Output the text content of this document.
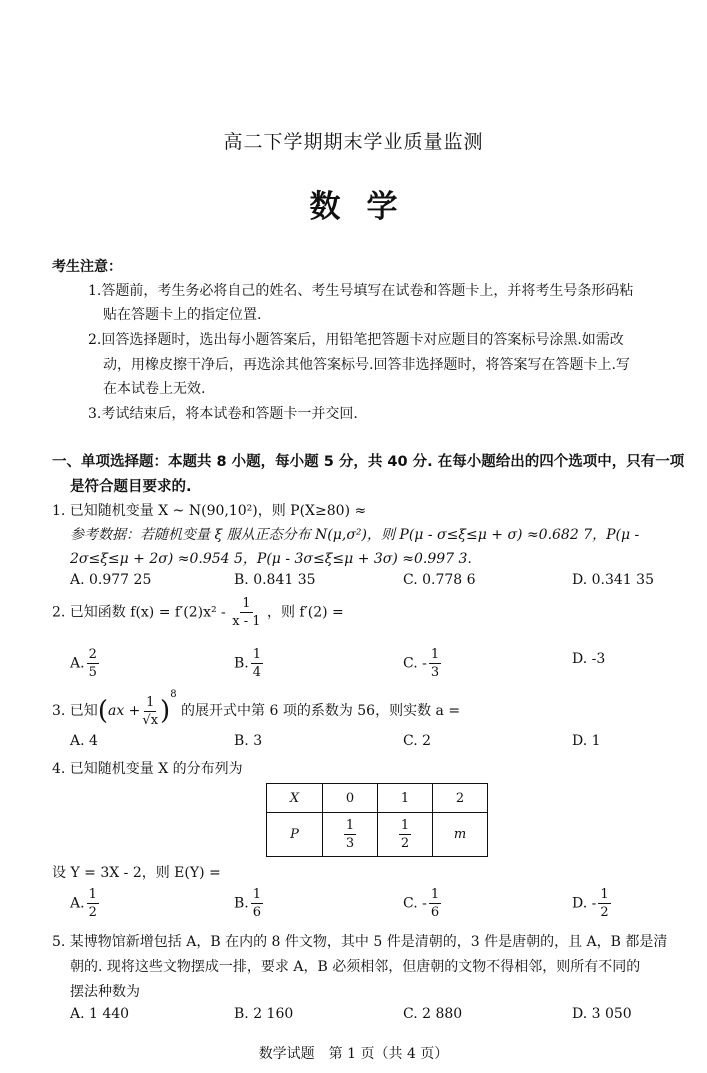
高二下学期期末学业质量监测
数学
考生注意：
1.答题前，考生务必将自己的姓名、考生号填写在试卷和答题卡上，并将考生号条形码粘
贴在答题卡上的指定位置.
2.回答选择题时，选出每小题答案后，用铅笔把答题卡对应题目的答案标号涂黑.如需改
动，用橡皮擦干净后，再选涂其他答案标号.回答非选择题时，将答案写在答题卡上.写
在本试卷上无效.
3.考试结束后，将本试卷和答题卡一并交回.
一、单项选择题：本题共 8 小题，每小题 5 分，共 40 分. 在每小题给出的四个选项中，只有一项
是符合题目要求的.
1. 已知随机变量 X ~ N(90,10²)，则 P(X≥80) ≈
参考数据：若随机变量 ξ 服从正态分布 N(μ,σ²)，则 P(μ - σ≤ξ≤μ + σ) ≈0.682 7，P(μ -
2σ≤ξ≤μ + 2σ) ≈0.954 5，P(μ - 3σ≤ξ≤μ + 3σ) ≈0.997 3.
A. 0.977 25	B. 0.841 35	C. 0.778 6	D. 0.341 35
2. 已知函数 $f(x) = f'(2)x^2 - \frac{1}{x - 1}$ ，则 f′(2) =
A. $\frac{2}{5}$	B. $\frac{1}{4}$	C. - $\frac{1}{3}$	D. -3
3. 已知$(ax + \frac{1}{√x} )^8$ 的展开式中第 6 项的系数为 56，则实数 a =
A. 4	B. 3	C. 2	D. 1
4. 已知随机变量 X 的分布列为
X	0	1	2
P	$\frac{1}{3}$	$\frac{1}{2}$	m
设 Y = 3X - 2，则 E(Y) =
A. $\frac{1}{2}$	B. $\frac{1}{6}$	C. - $\frac{1}{6}$	D. - $\frac{1}{2}$
5. 某博物馆新增包括 A，B 在内的 8 件文物，其中 5 件是清朝的，3 件是唐朝的，且 A，B 都是清
朝的. 现将这些文物摆成一排，要求 A，B 必须相邻，但唐朝的文物不得相邻，则所有不同的
摆法种数为
A. 1 440	B. 2 160	C. 2 880	D. 3 050
数学试题　第 1 页（共 4 页）
